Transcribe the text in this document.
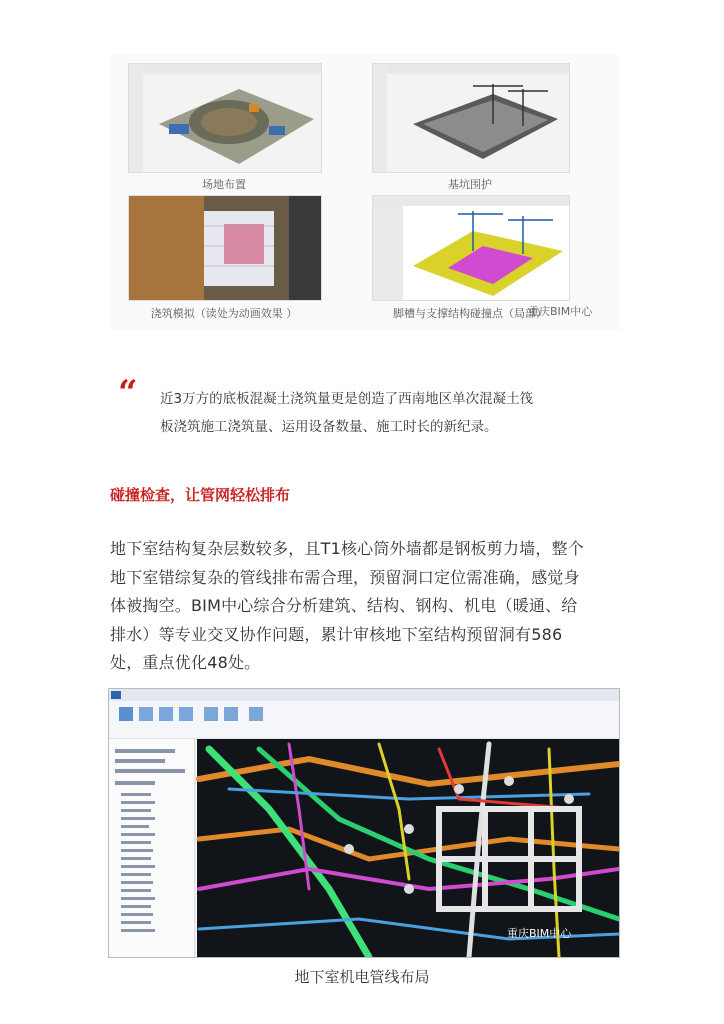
场地布置	基坑围护
浇筑模拟（读处为动画效果 ）	脚槽与支撑结构碰撞点（局部）
重庆BIM中心
“ 近3万方的底板混凝土浇筑量更是创造了西南地区单次混凝土筏
板浇筑施工浇筑量、运用设备数量、施工时长的新纪录。
碰撞检查，让管网轻松排布
地下室结构复杂层数较多，且T1核心筒外墙都是钢板剪力墙，整个
地下室错综复杂的管线排布需合理，预留洞口定位需准确，感觉身
体被掏空。BIM中心综合分析建筑、结构、钢构、机电（暖通、给
排水）等专业交叉协作问题，累计审核地下室结构预留洞有586
处，重点优化48处。
重庆BIM中心
地下室机电管线布局
